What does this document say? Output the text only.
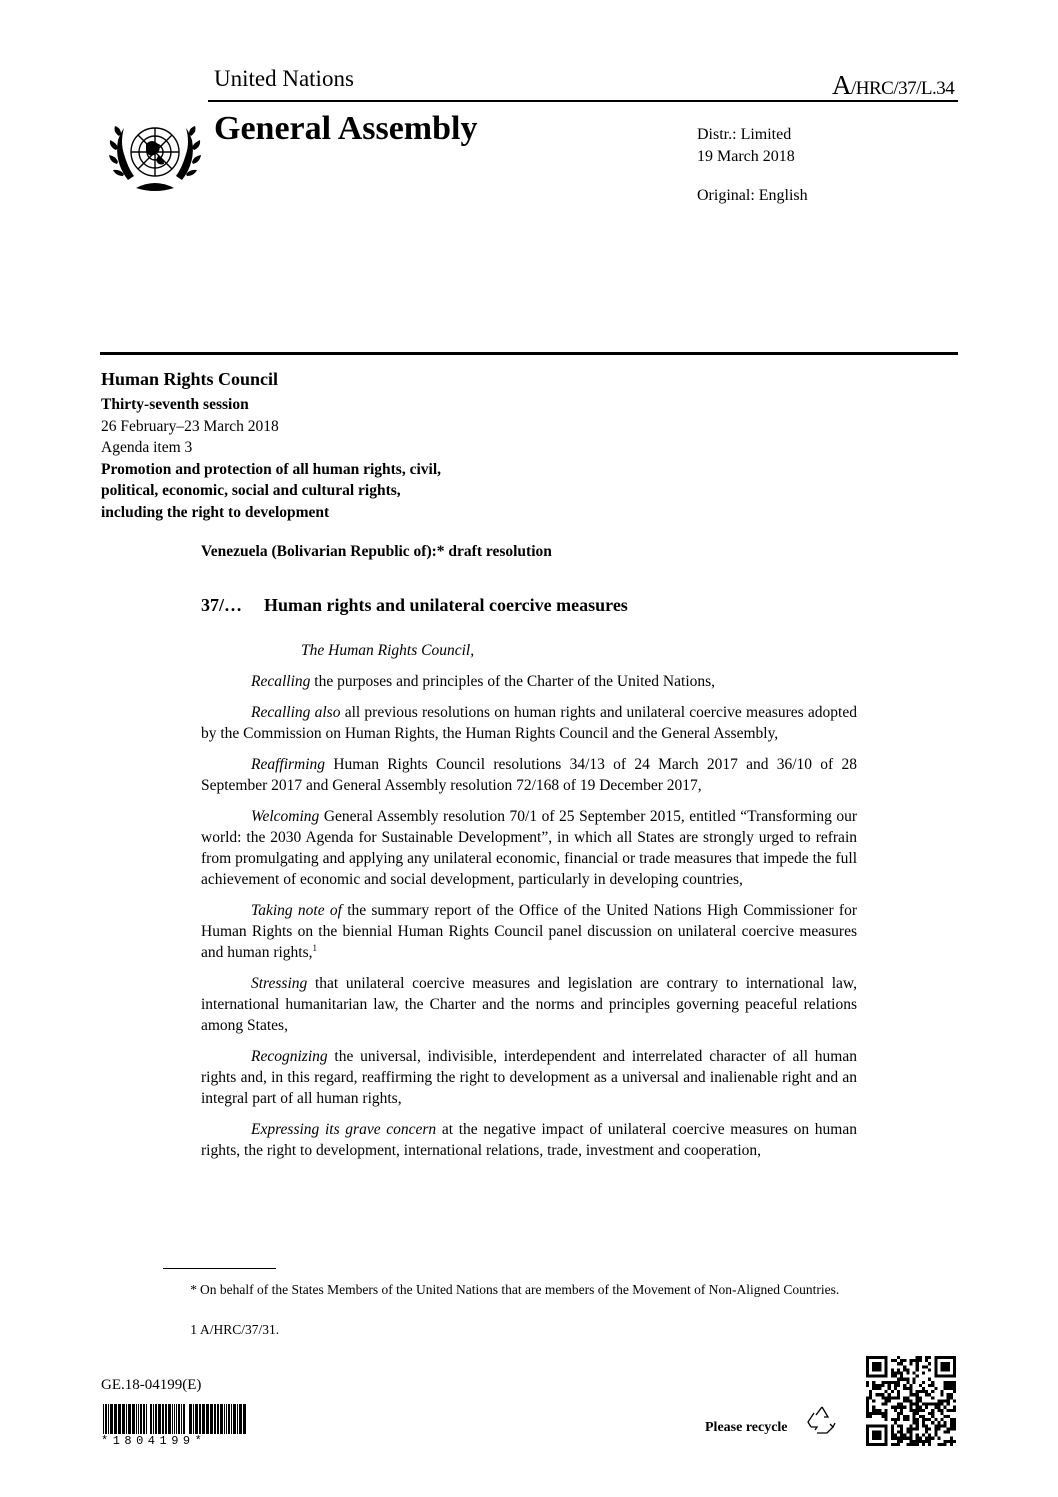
United Nations	A/HRC/37/L.34
General Assembly	Distr.: Limited
19 March 2018
Original: English
Human Rights Council
Thirty-seventh session
26 February–23 March 2018
Agenda item 3
Promotion and protection of all human rights, civil,
political, economic, social and cultural rights,
including the right to development
Venezuela (Bolivarian Republic of):* draft resolution
37/… Human rights and unilateral coercive measures

The Human Rights Council,

Recalling the purposes and principles of the Charter of the United Nations,

Recalling also all previous resolutions on human rights and unilateral coercive measures adopted by the Commission on Human Rights, the Human Rights Council and the General Assembly,

Reaffirming Human Rights Council resolutions 34/13 of 24 March 2017 and 36/10 of 28 September 2017 and General Assembly resolution 72/168 of 19 December 2017,

Welcoming General Assembly resolution 70/1 of 25 September 2015, entitled “Transforming our world: the 2030 Agenda for Sustainable Development”, in which all States are strongly urged to refrain from promulgating and applying any unilateral economic, financial or trade measures that impede the full achievement of economic and social development, particularly in developing countries,

Taking note of the summary report of the Office of the United Nations High Commissioner for Human Rights on the biennial Human Rights Council panel discussion on unilateral coercive measures and human rights,$^1$

Stressing that unilateral coercive measures and legislation are contrary to international law, international humanitarian law, the Charter and the norms and principles governing peaceful relations among States,

Recognizing the universal, indivisible, interdependent and interrelated character of all human rights and, in this regard, reaffirming the right to development as a universal and inalienable right and an integral part of all human rights,

Expressing its grave concern at the negative impact of unilateral coercive measures on human rights, the right to development, international relations, trade, investment and cooperation,

* On behalf of the States Members of the United Nations that are members of the Movement of Non-Aligned Countries.
1 A/HRC/37/31.
GE.18-04199(E)
*1804199*
Please recycle
